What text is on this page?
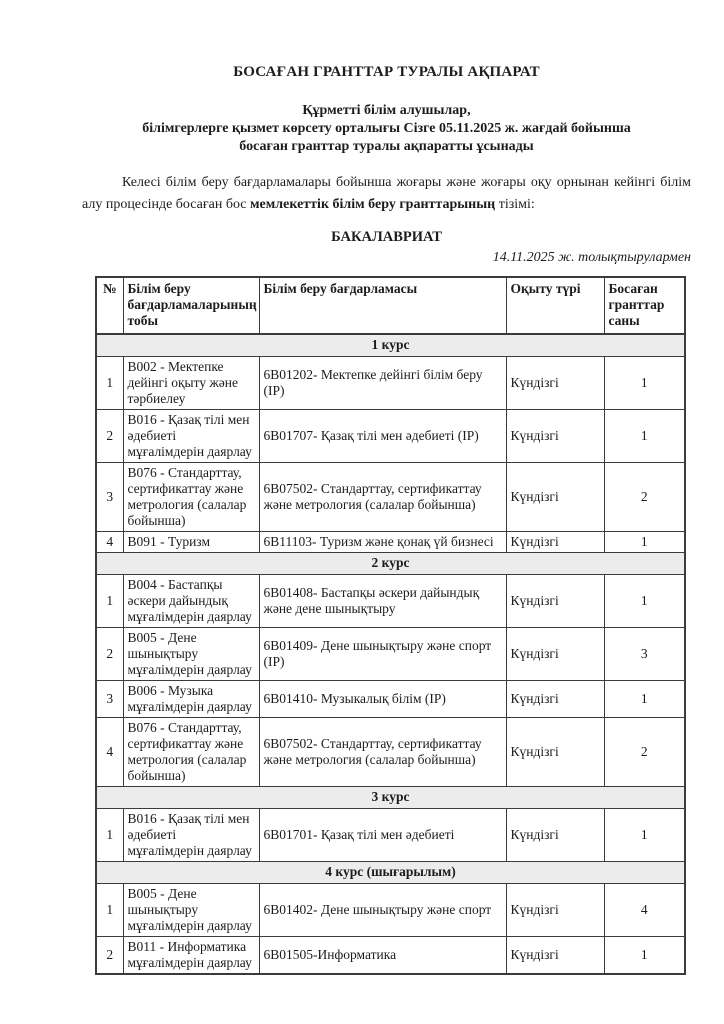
БОСАҒАН ГРАНТТАР ТУРАЛЫ АҚПАРАТ
Құрметті білім алушылар,
білімгерлерге қызмет көрсету орталығы Сізге 05.11.2025 ж. жағдай бойынша
босаған гранттар туралы ақпаратты ұсынады

Келесі білім беру бағдарламалары бойынша жоғары және жоғары оқу орнынан кейінгі білім алу процесінде босаған бос мемлекеттік білім беру гранттарының тізімі:

БАКАЛАВРИАТ
14.11.2025 ж. толықтырулармен
№	Білім беру бағдарламаларының тобы	Білім беру бағдарламасы	Оқыту түрі	Босаған гранттар саны
1 курс				
1	B002 - Мектепке дейінгі оқыту және тәрбиелеу	6В01202- Мектепке дейінгі білім беру (IP)	Күндізгі	1
2	B016 - Қазақ тілі мен әдебиеті мұғалімдерін даярлау	6В01707- Қазақ тілі мен әдебиеті (IP)	Күндізгі	1
3	B076 - Стандарттау, сертификаттау және метрология (салалар бойынша)	6В07502- Стандарттау, сертификаттау және метрология (салалар бойынша)	Күндізгі	2
4	B091 - Туризм	6В11103- Туризм және қонақ үй бизнесі	Күндізгі	1
2 курс				
1	B004 - Бастапқы әскери дайындық мұғалімдерін даярлау	6В01408- Бастапқы әскери дайындық және дене шынықтыру	Күндізгі	1
2	B005 - Дене шынықтыру мұғалімдерін даярлау	6В01409- Дене шынықтыру және спорт (IP)	Күндізгі	3
3	B006 - Музыка мұғалімдерін даярлау	6В01410- Музыкалық білім (IP)	Күндізгі	1
4	B076 - Стандарттау, сертификаттау және метрология (салалар бойынша)	6В07502- Стандарттау, сертификаттау және метрология (салалар бойынша)	Күндізгі	2
3 курс				
1	B016 - Қазақ тілі мен әдебиеті мұғалімдерін даярлау	6В01701- Қазақ тілі мен әдебиеті	Күндізгі	1
4 курс (шығарылым)				
1	B005 - Дене шынықтыру мұғалімдерін даярлау	6В01402- Дене шынықтыру және спорт	Күндізгі	4
2	B011 - Информатика мұғалімдерін даярлау	6В01505-Информатика	Күндізгі	1
